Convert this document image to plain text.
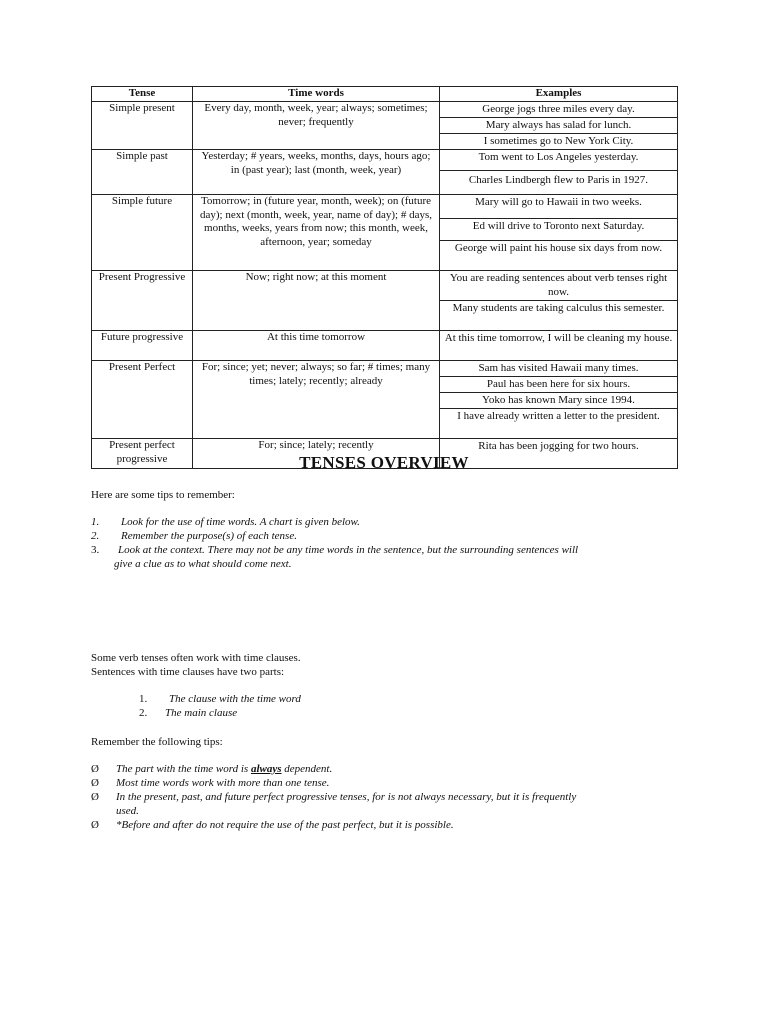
Tense	Time words	Examples
Simple present	Every day, month, week, year; always; sometimes; never; frequently	George jogs three miles every day.
		Mary always has salad for lunch.
		I sometimes go to New York City.
Simple past	Yesterday; # years, weeks, months, days, hours ago; in (past year); last (month, week, year)	Tom went to Los Angeles yesterday.
		Charles Lindbergh flew to Paris in 1927.
Simple future	Tomorrow; in (future year, month, week); on (future day); next (month, week, year, name of day); # days, months, weeks, years from now; this month, week, afternoon, year; someday	Mary will go to Hawaii in two weeks.
		Ed will drive to Toronto next Saturday.
		George will paint his house six days from now.
Present Progressive	Now; right now; at this moment	You are reading sentences about verb tenses right now.
		Many students are taking calculus this semester.
Future progressive	At this time tomorrow	At this time tomorrow, I will be cleaning my house.
Present Perfect	For; since; yet; never; always; so far; # times; many times; lately; recently; already	Sam has visited Hawaii many times.
		Paul has been here for six hours.
		Yoko has known Mary since 1994.
		I have already written a letter to the president.
Present perfect progressive	For; since; lately; recently	Rita has been jogging for two hours.
TENSES OVERVIEW

Here are some tips to remember:

1. Look for the use of time words. A chart is given below.

2. Remember the purpose(s) of each tense.

3. Look at the context. There may not be any time words in the sentence, but the surrounding sentences will

give a clue as to what should come next.

Some verb tenses often work with time clauses.

Sentences with time clauses have two parts:

1. The clause with the time word

2. The main clause

Remember the following tips:

Ø The part with the time word is always dependent.

Ø Most time words work with more than one tense.

Ø In the present, past, and future perfect progressive tenses, for is not always necessary, but it is frequently

used.

Ø *Before and after do not require the use of the past perfect, but it is possible.
